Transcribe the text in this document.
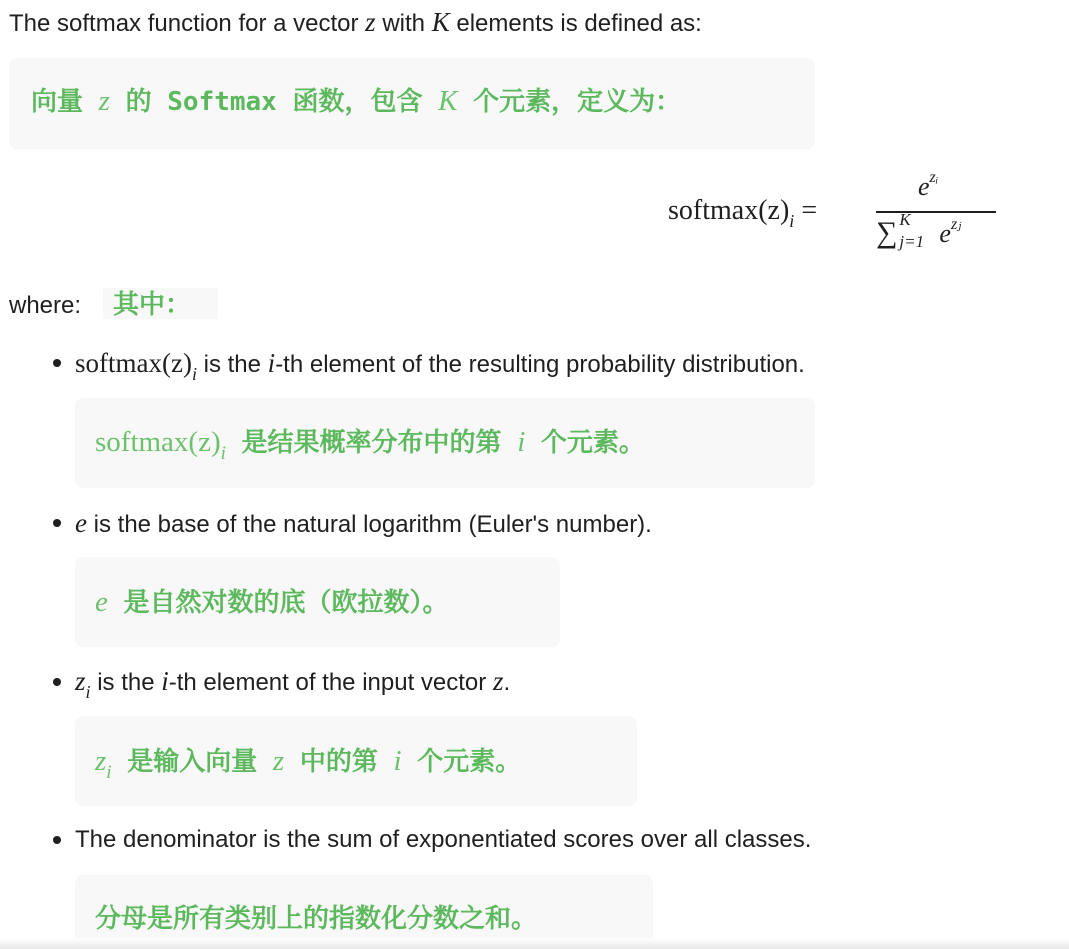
The softmax function for a vector z with K elements is defined as:
向量 z 的 Softmax 函数，包含 K 个元素，定义为：
$softmax(z)_i$ =
$e^{zᵢ}$
∑ K
j=1 $e^{zⱼ}$
where: 其中：
$softmax(z)_i$ is the i-th element of the resulting probability distribution.
$softmax(z)_i$ 是结果概率分布中的第 i 个元素。
e is the base of the natural logarithm (Euler's number).
e 是自然对数的底（欧拉数）。
$z_i$ is the i-th element of the input vector z.
$z_i$ 是输入向量 z 中的第 i 个元素。
The denominator is the sum of exponentiated scores over all classes.
分母是所有类别上的指数化分数之和。
